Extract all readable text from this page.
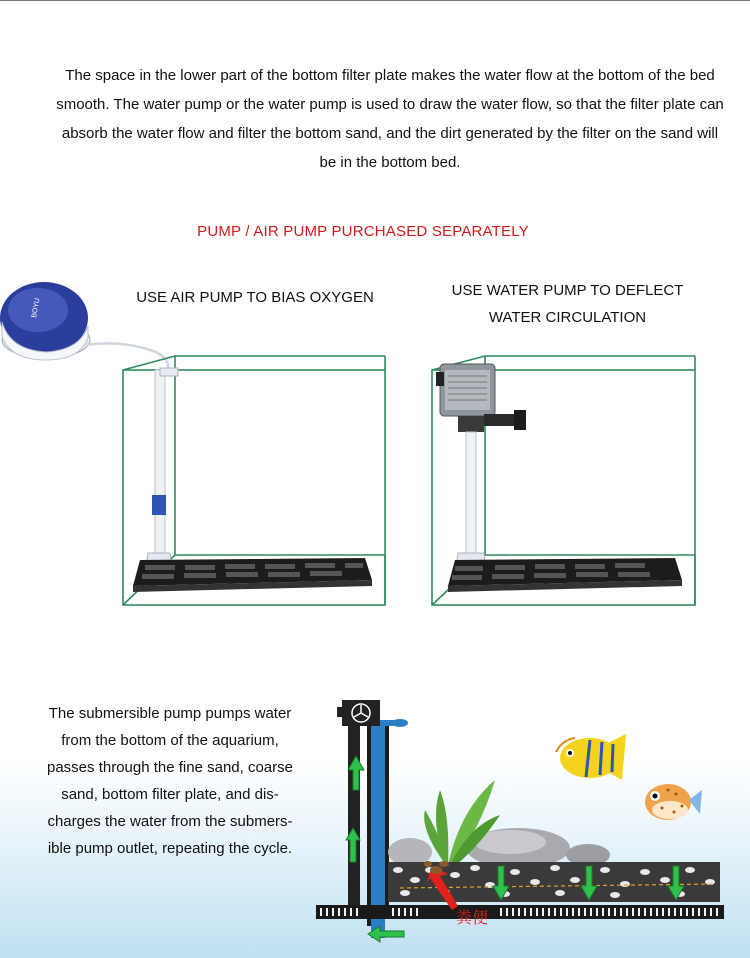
The space in the lower part of the bottom filter plate makes the water flow at the bottom of the bed smooth. The water pump or the water pump is used to draw the water flow, so that the filter plate can absorb the water flow and filter the bottom sand, and the dirt generated by the filter on the sand will be in the bottom bed.
PUMP / AIR PUMP PURCHASED SEPARATELY
USE AIR PUMP TO BIAS OXYGEN	USE WATER PUMP TO DEFLECT
WATER CIRCULATION
BOYU
粪便
The submersible pump pumps water
from the bottom of the aquarium,
passes through the fine sand, coarse
sand, bottom filter plate, and dis-
charges the water from the submers-
ible pump outlet, repeating the cycle.
